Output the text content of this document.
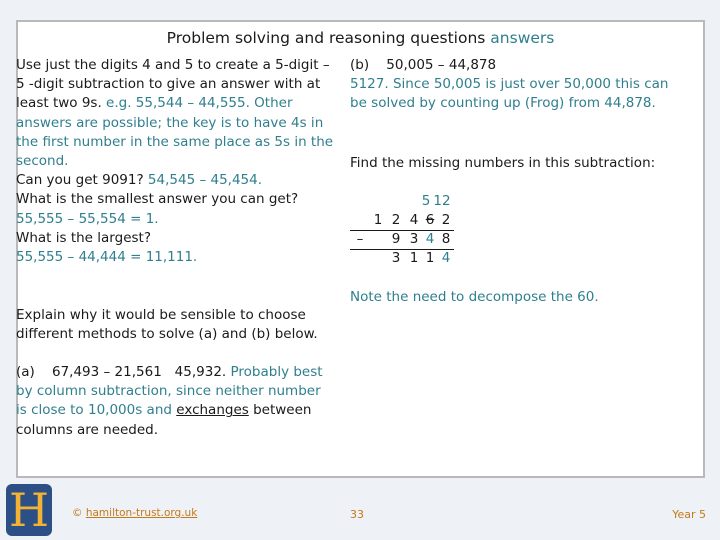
Problem solving and reasoning questions answers
Use just the digits 4 and 5 to create a 5-digit – 5 -digit subtraction to give an answer with at least two 9s. e.g. 55,544 – 44,555. Other answers are possible; the key is to have 4s in the first number in the same place as 5s in the second.
Can you get 9091? 54,545 – 45,454.
What is the smallest answer you can get?
55,555 – 55,554 = 1.
What is the largest?
55,555 – 44,444 = 11,111.
(b) 50,005 – 44,878
5127. Since 50,005 is just over 50,000 this can be solved by counting up (Frog) from 44,878.
Find the missing numbers in this subtraction:
5 12
1 2 4 6 2
– 9 3 4 8
3 1 1 4
Note the need to decompose the 60.
Explain why it would be sensible to choose different methods to solve (a) and (b) below.
(a) 67,493 – 21,561 45,932. Probably best by column subtraction, since neither number is close to 10,000s and exchanges between columns are needed.
H © hamilton-trust.org.uk	33	Year 5
